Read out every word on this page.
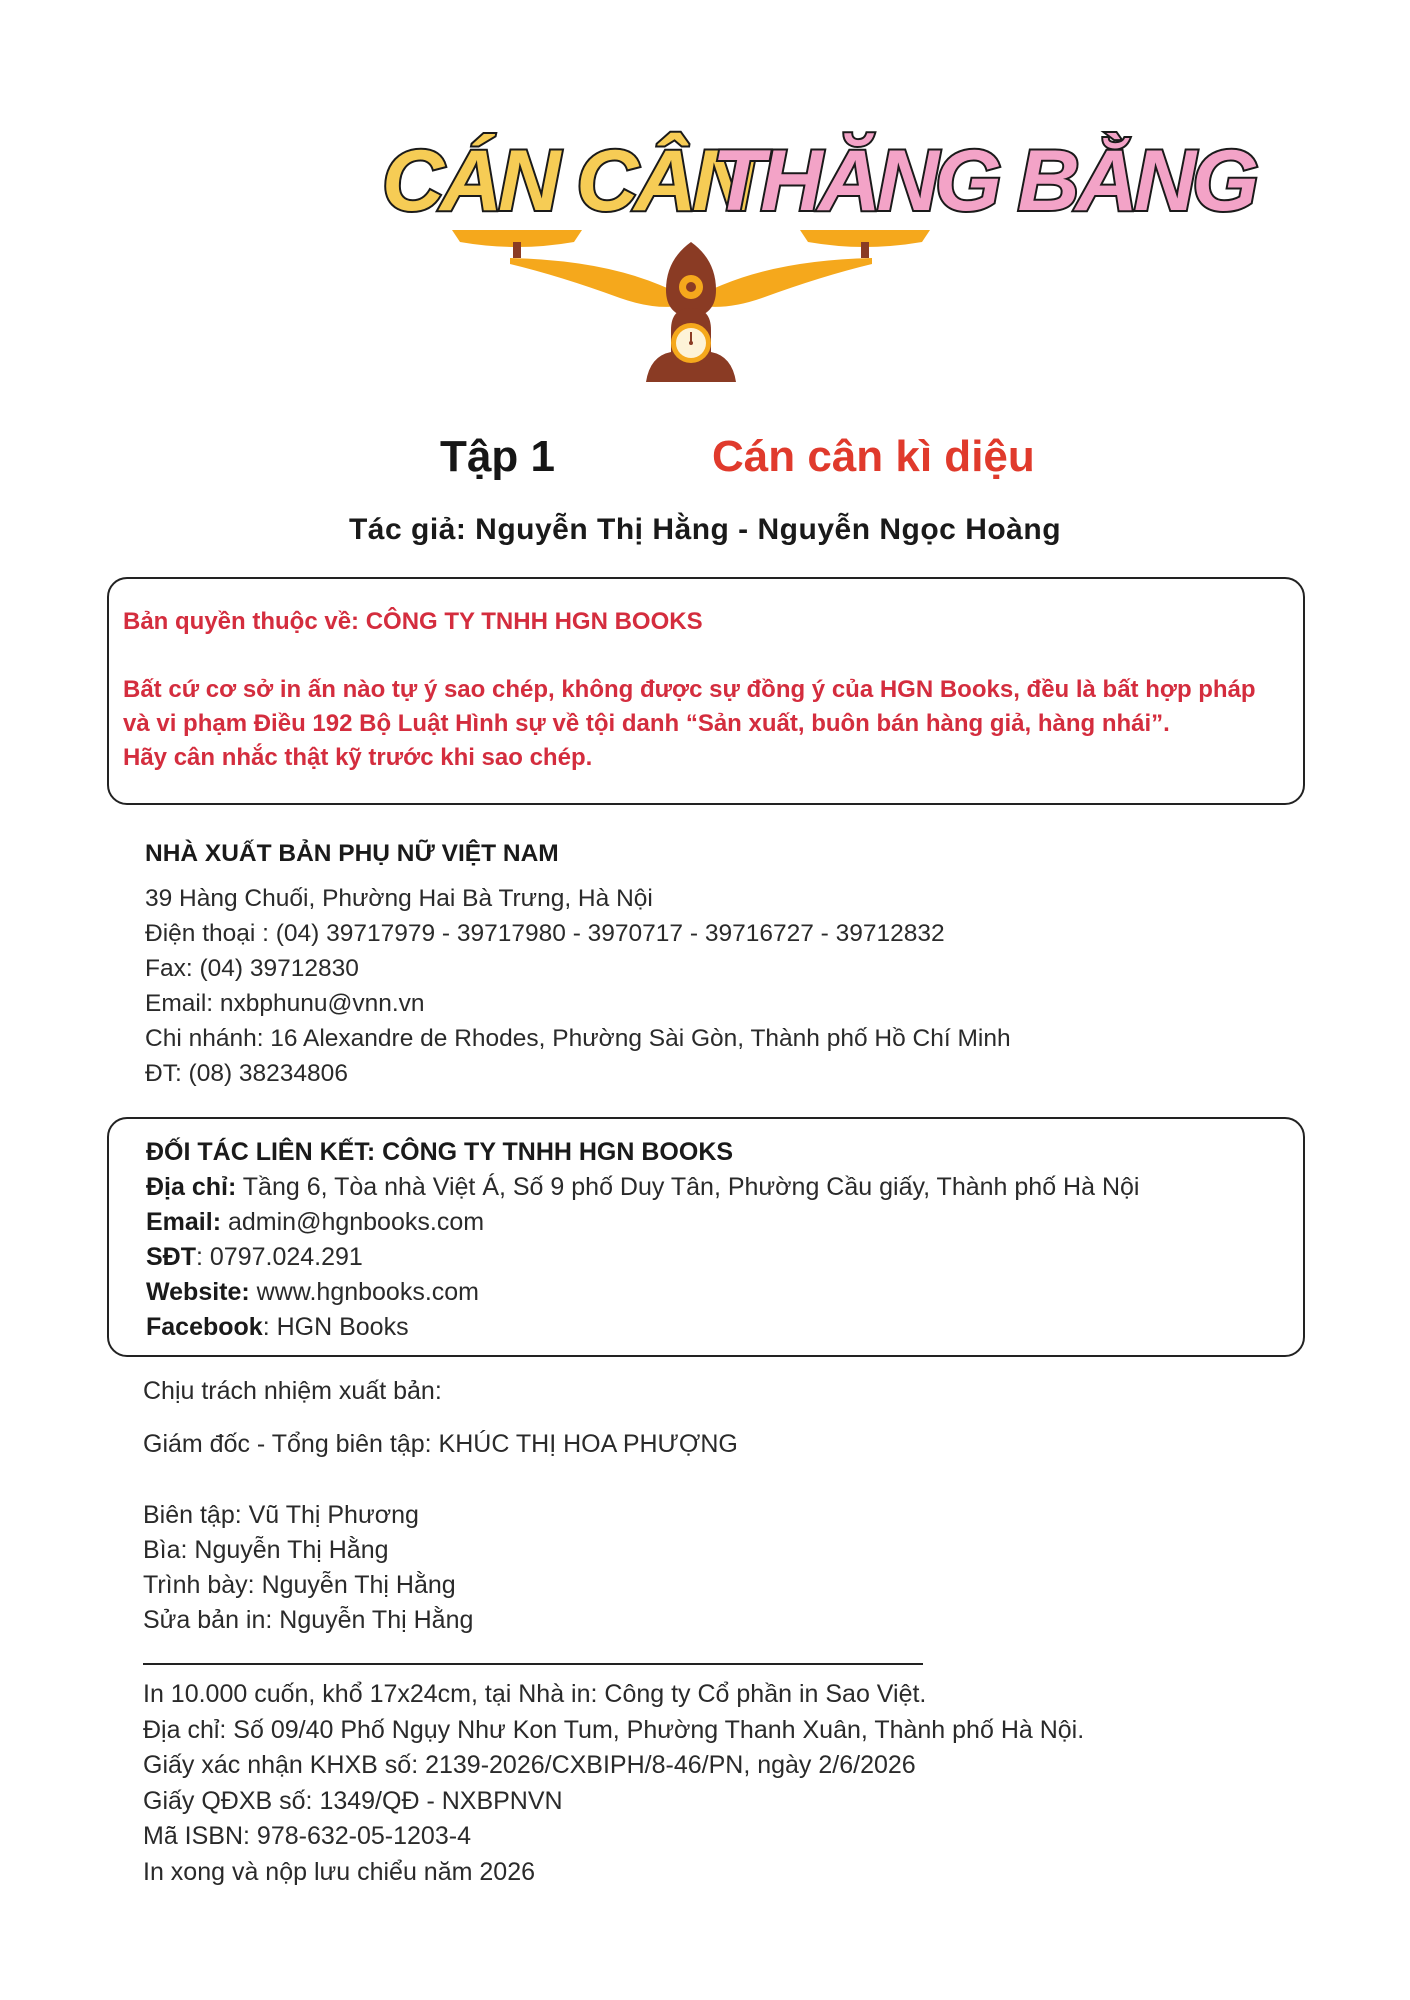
CÁN CÂN
THĂNG BẰNG
Tập 1	Cán cân kì diệu
Tác giả: Nguyễn Thị Hằng - Nguyễn Ngọc Hoàng

Bản quyền thuộc về: CÔNG TY TNHH HGN BOOKS

Bất cứ cơ sở in ấn nào tự ý sao chép, không được sự đồng ý của HGN Books, đều là bất hợp pháp

và vi phạm Điều 192 Bộ Luật Hình sự về tội danh “Sản xuất, buôn bán hàng giả, hàng nhái”.

Hãy cân nhắc thật kỹ trước khi sao chép.

NHÀ XUẤT BẢN PHỤ NỮ VIỆT NAM
39 Hàng Chuối, Phường Hai Bà Trưng, Hà Nội
Điện thoại : (04) 39717979 - 39717980 - 3970717 - 39716727 - 39712832
Fax: (04) 39712830
Email: nxbphunu@vnn.vn
Chi nhánh: 16 Alexandre de Rhodes, Phường Sài Gòn, Thành phố Hồ Chí Minh
ĐT: (08) 38234806
ĐỐI TÁC LIÊN KẾT: CÔNG TY TNHH HGN BOOKS
Địa chỉ: Tầng 6, Tòa nhà Việt Á, Số 9 phố Duy Tân, Phường Cầu giấy, Thành phố Hà Nội
Email: admin@hgnbooks.com
SĐT: 0797.024.291
Website: www.hgnbooks.com
Facebook: HGN Books
Chịu trách nhiệm xuất bản:
Giám đốc - Tổng biên tập: KHÚC THỊ HOA PHƯỢNG
Biên tập: Vũ Thị Phương
Bìa: Nguyễn Thị Hằng
Trình bày: Nguyễn Thị Hằng
Sửa bản in: Nguyễn Thị Hằng
In 10.000 cuốn, khổ 17x24cm, tại Nhà in: Công ty Cổ phần in Sao Việt.
Địa chỉ: Số 09/40 Phố Ngụy Như Kon Tum, Phường Thanh Xuân, Thành phố Hà Nội.
Giấy xác nhận KHXB số: 2139-2026/CXBIPH/8-46/PN, ngày 2/6/2026
Giấy QĐXB số: 1349/QĐ - NXBPNVN
Mã ISBN: 978-632-05-1203-4
In xong và nộp lưu chiểu năm 2026
